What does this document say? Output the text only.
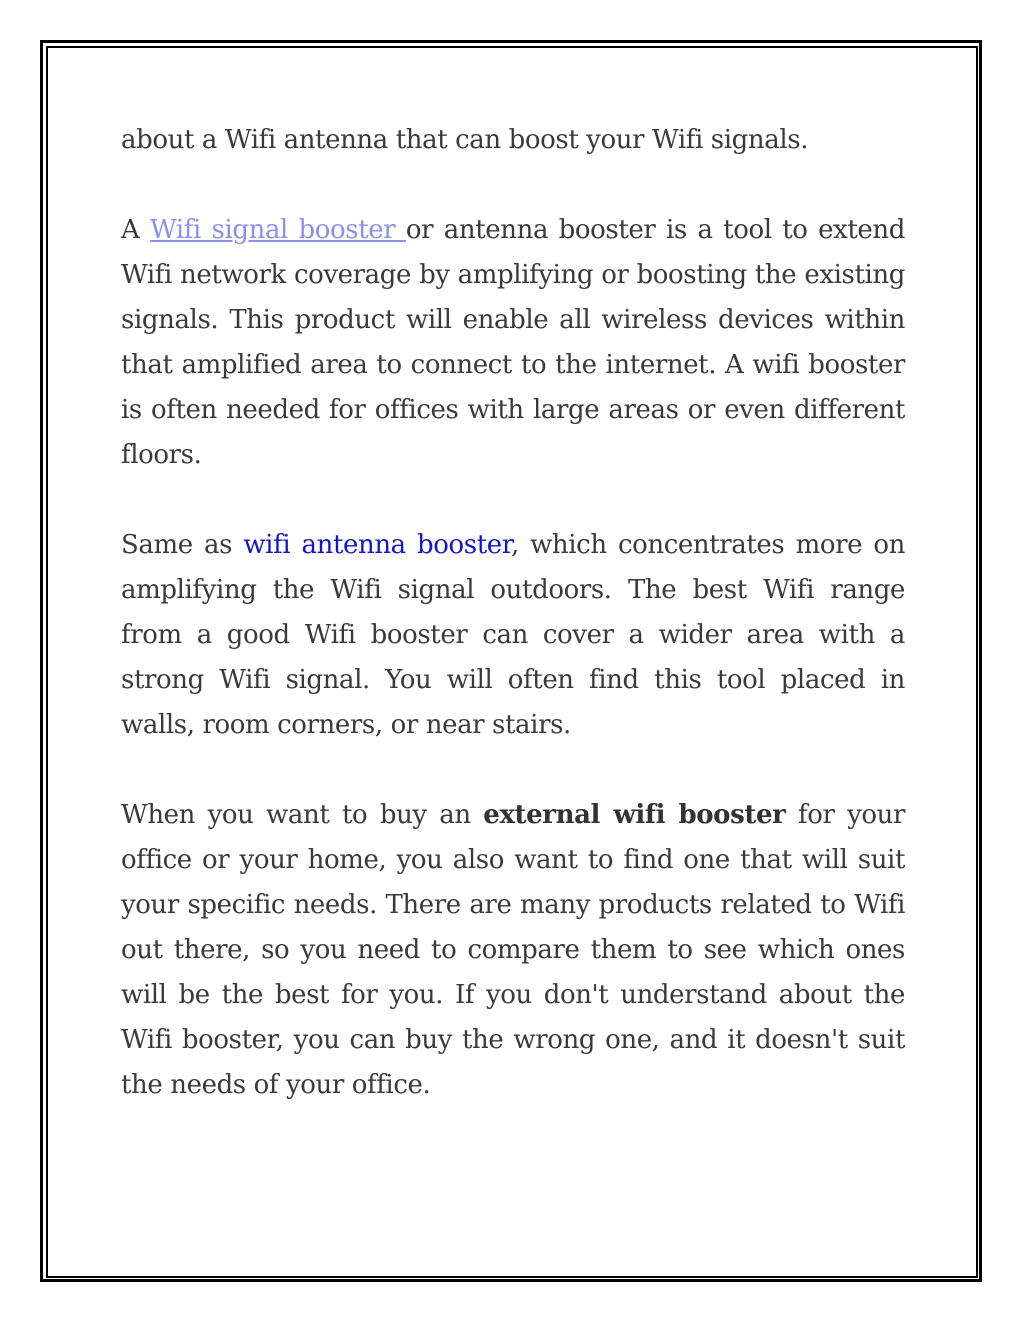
about a Wifi antenna that can boost your Wifi signals.

A Wifi signal booster or antenna booster is a tool to extend Wifi network coverage by amplifying or boosting the existing signals. This product will enable all wireless devices within that amplified area to connect to the internet. A wifi booster is often needed for offices with large areas or even different floors.

Same as wifi antenna booster, which concentrates more on amplifying the Wifi signal outdoors. The best Wifi range from a good Wifi booster can cover a wider area with a strong Wifi signal. You will often find this tool placed in walls, room corners, or near stairs.

When you want to buy an external wifi booster for your office or your home, you also want to find one that will suit your specific needs. There are many products related to Wifi out there, so you need to compare them to see which ones will be the best for you. If you don't understand about the Wifi booster, you can buy the wrong one, and it doesn't suit the needs of your office.
